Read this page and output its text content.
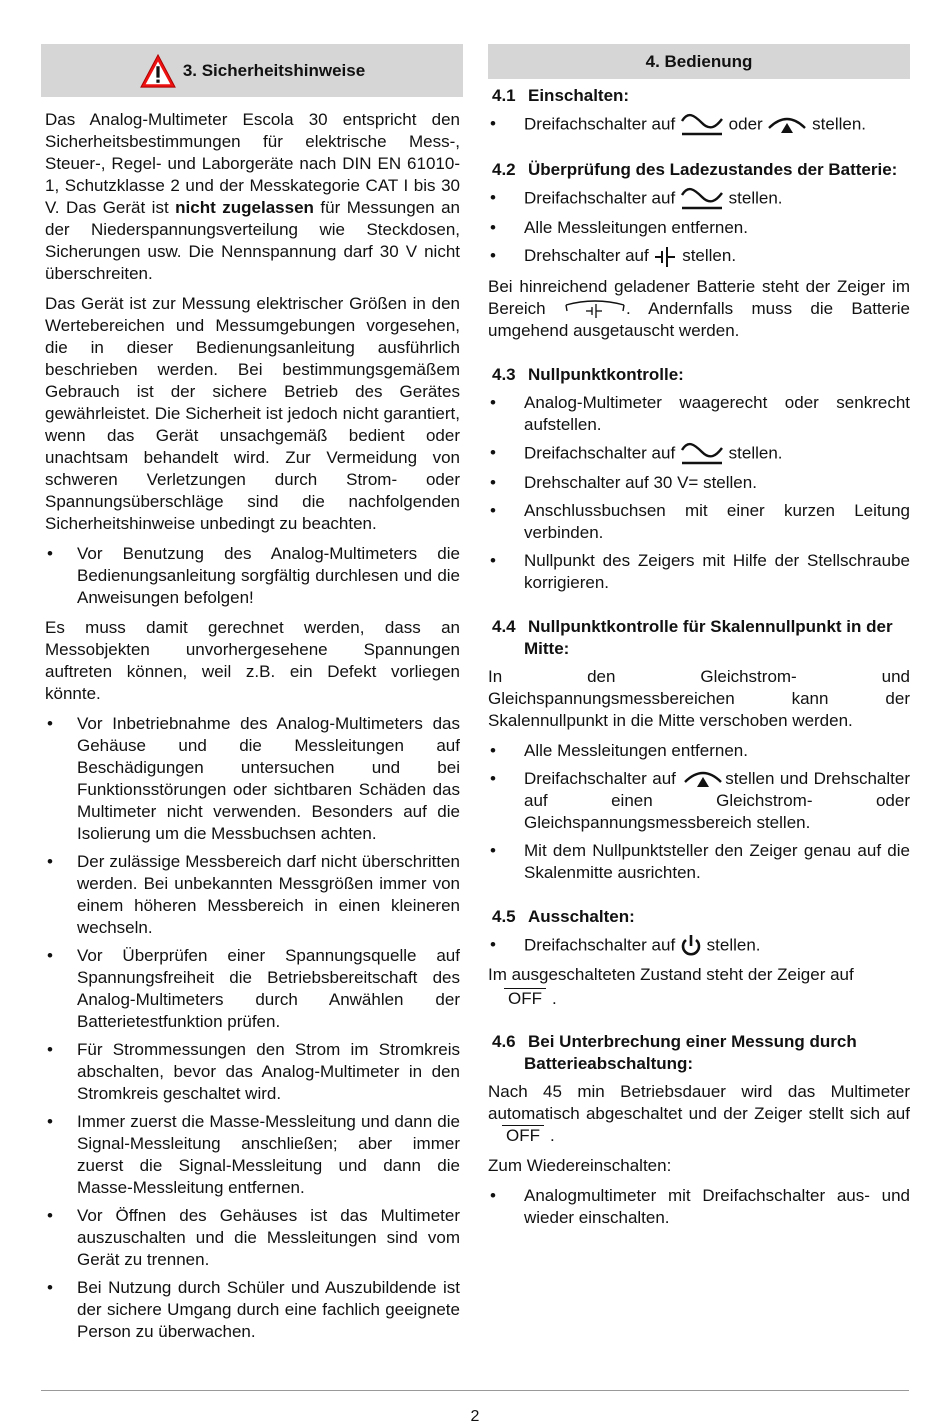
3. Sicherheitshinweise

Das Analog-Multimeter Escola 30 entspricht den Sicherheitsbestimmungen für elektrische Mess-, Steuer-, Regel- und Laborgeräte nach DIN EN 61010-1, Schutzklasse 2 und der Messkategorie CAT I bis 30 V. Das Gerät ist nicht zugelassen für Messungen an der Niederspannungsverteilung wie Steckdosen, Sicherungen usw. Die Nennspannung darf 30 V nicht überschreiten.

Das Gerät ist zur Messung elektrischer Größen in den Wertebereichen und Messumgebungen vorgesehen, die in dieser Bedienungsanleitung ausführlich beschrieben werden. Bei bestimmungsgemäßem Gebrauch ist der sichere Betrieb des Gerätes gewährleistet. Die Sicherheit ist jedoch nicht garantiert, wenn das Gerät unsachgemäß bedient oder unachtsam behandelt wird. Zur Vermeidung von schweren Verletzungen durch Strom- oder Spannungsüberschläge sind die nachfolgenden Sicherheitshinweise unbedingt zu beachten.

• Vor Benutzung des Analog-Multimeters die Bedienungsanleitung sorgfältig durchlesen und die Anweisungen befolgen!

Es muss damit gerechnet werden, dass an Messobjekten unvorhergesehene Spannungen auftreten können, weil z.B. ein Defekt vorliegen könnte.

• Vor Inbetriebnahme des Analog-Multimeters das Gehäuse und die Messleitungen auf Beschädigungen untersuchen und bei Funktionsstörungen oder sichtbaren Schäden das Multimeter nicht verwenden. Besonders auf die Isolierung um die Messbuchsen achten.
• Der zulässige Messbereich darf nicht überschritten werden. Bei unbekannten Messgrößen immer von einem höheren Messbereich in einen kleineren wechseln.
• Vor Überprüfen einer Spannungsquelle auf Spannungsfreiheit die Betriebsbereitschaft des Analog-Multimeters durch Anwählen der Batterietestfunktion prüfen.
• Für Strommessungen den Strom im Stromkreis abschalten, bevor das Analog-Multimeter in den Stromkreis geschaltet wird.
• Immer zuerst die Masse-Messleitung und dann die Signal-Messleitung anschließen; aber immer zuerst die Signal-Messleitung und dann die Masse-Messleitung entfernen.
• Vor Öffnen des Gehäuses ist das Multimeter auszuschalten und die Messleitungen sind vom Gerät zu trennen.
• Bei Nutzung durch Schüler und Auszubildende ist der sichere Umgang durch eine fachlich geeignete Person zu überwachen.
4. Bedienung
4.1 Einschalten:
• Dreifachschalter auf	oder	stellen.
4.2 Überprüfung des Ladezustandes der Batterie:
• Dreifachschalter auf	stellen.
• Alle Messleitungen entfernen.
• Drehschalter auf stellen.

Bei hinreichend geladener Batterie steht der Zeiger im Bereich	. Andernfalls muss die Batterie umgehend ausgetauscht werden.

4.3 Nullpunktkontrolle:
• Analog-Multimeter waagerecht oder senkrecht aufstellen.
• Dreifachschalter auf	stellen.
• Drehschalter auf 30 V= stellen.
• Anschlussbuchsen mit einer kurzen Leitung verbinden.
• Nullpunkt des Zeigers mit Hilfe der Stellschraube korrigieren.
4.4 Nullpunktkontrolle für Skalennullpunkt in der Mitte:

In den Gleichstrom- und Gleichspannungsmessbereichen kann der Skalennullpunkt in die Mitte verschoben werden.

• Alle Messleitungen entfernen.
• Dreifachschalter auf	stellen und Drehschalter auf einen Gleichstrom- oder Gleichspannungsmessbereich stellen.
• Mit dem Nullpunktsteller den Zeiger genau auf die Skalenmitte ausrichten.
4.5 Ausschalten:
• Dreifachschalter auf stellen.

Im ausgeschalteten Zustand steht der Zeiger auf

OFF .
4.6 Bei Unterbrechung einer Messung durch Batterieabschaltung:

Nach 45 min Betriebsdauer wird das Multimeter automatisch abgeschaltet und der Zeiger stellt sich aufOFF .

Zum Wiedereinschalten:

• Analogmultimeter mit Dreifachschalter aus- und wieder einschalten.
2
